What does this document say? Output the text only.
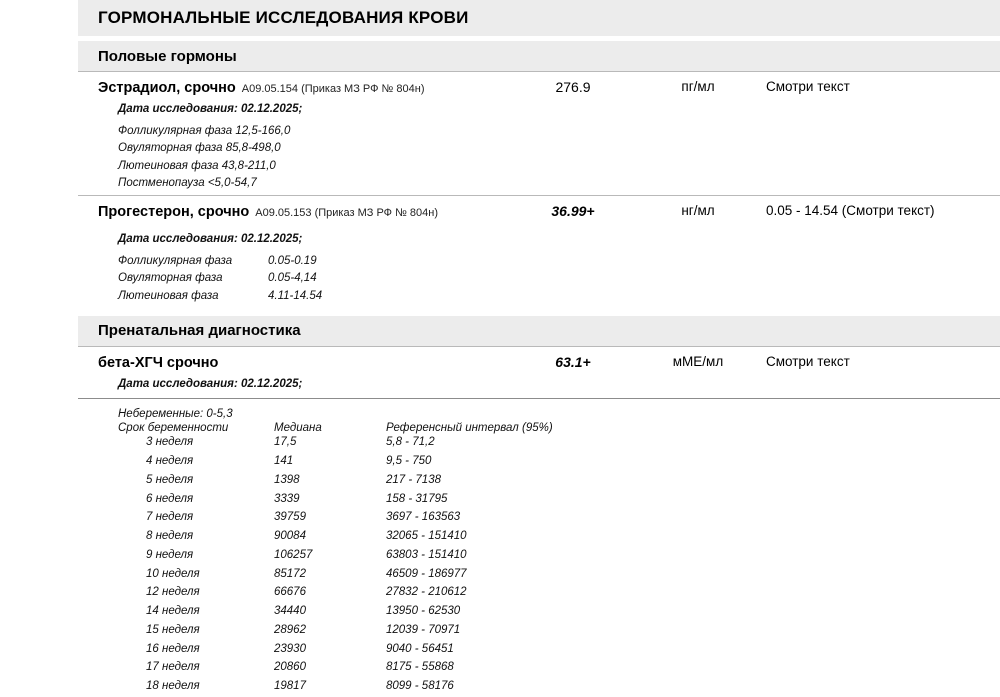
ГОРМОНАЛЬНЫЕ ИССЛЕДОВАНИЯ КРОВИ
Половые гормоны
Эстрадиол, срочно А09.05.154 (Приказ МЗ РФ № 804н)	276.9	пг/мл	Смотри текст
Дата исследования: 02.12.2025;
Фолликулярная фаза 12,5-166,0
Овуляторная фаза 85,8-498,0
Лютеиновая фаза 43,8-211,0
Постменопауза <5,0-54,7
Прогестерон, срочно А09.05.153 (Приказ МЗ РФ № 804н)	36.99+	нг/мл	0.05 - 14.54 (Смотри текст)
Дата исследования: 02.12.2025;
Фолликулярная фаза	0.05-0.19
Овуляторная фаза	0.05-4,14
Лютеиновая фаза	4.11-14.54
Пренатальная диагностика
бета-ХГЧ срочно	63.1+	мМЕ/мл	Смотри текст
Дата исследования: 02.12.2025;
Небеременные: 0-5,3
Срок беременности	Медиана	Референсный интервал (95%)
3 неделя	17,5	5,8 - 71,2
4 неделя	141	9,5 - 750
5 неделя	1398	217 - 7138
6 неделя	3339	158 - 31795
7 неделя	39759	3697 - 163563
8 неделя	90084	32065 - 151410
9 неделя	106257	63803 - 151410
10 неделя	85172	46509 - 186977
12 неделя	66676	27832 - 210612
14 неделя	34440	13950 - 62530
15 неделя	28962	12039 - 70971
16 неделя	23930	9040 - 56451
17 неделя	20860	8175 - 55868
18 неделя	19817	8099 - 58176
